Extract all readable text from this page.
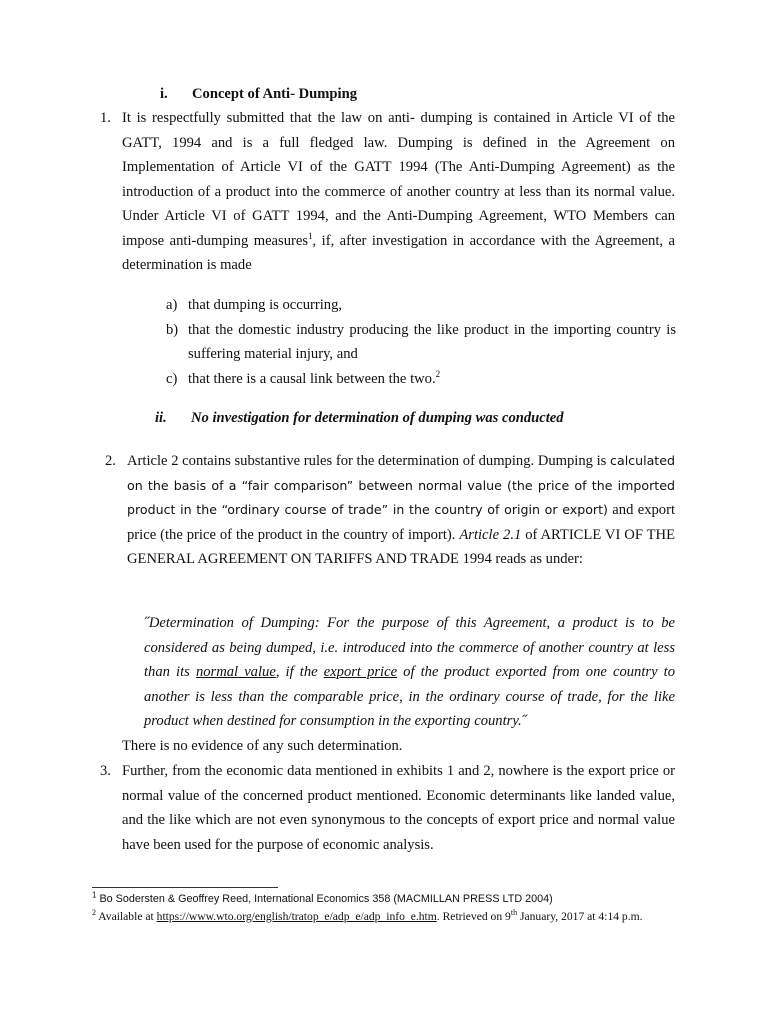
i. Concept of Anti- Dumping
1. It is respectfully submitted that the law on anti- dumping is contained in Article VI of the GATT, 1994 and is a full fledged law. Dumping is defined in the Agreement on Implementation of Article VI of the GATT 1994 (The Anti-Dumping Agreement) as the introduction of a product into the commerce of another country at less than its normal value. Under Article VI of GATT 1994, and the Anti-Dumping Agreement, WTO Members can impose anti-dumping measures$^1$, if, after investigation in accordance with the Agreement, a determination is made
a) that dumping is occurring,
b) that the domestic industry producing the like product in the importing country is suffering material injury, and
c) that there is a causal link between the two.$^2$
ii. No investigation for determination of dumping was conducted
2. Article 2 contains substantive rules for the determination of dumping. Dumping is calculated on the basis of a “fair comparison” between normal value (the price of the imported product in the “ordinary course of trade” in the country of origin or export) and export price (the price of the product in the country of import). Article 2.1 of ARTICLE VI OF THE GENERAL AGREEMENT ON TARIFFS AND TRADE 1994 reads as under:
˝Determination of Dumping: For the purpose of this Agreement, a product is to be considered as being dumped, i.e. introduced into the commerce of another country at less than its normal value, if the export price of the product exported from one country to another is less than the comparable price, in the ordinary course of trade, for the like product when destined for consumption in the exporting country.˝
There is no evidence of any such determination.
3. Further, from the economic data mentioned in exhibits 1 and 2, nowhere is the export price or normal value of the concerned product mentioned. Economic determinants like landed value, and the like which are not even synonymous to the concepts of export price and normal value have been used for the purpose of economic analysis.
$^1$ Bo Sodersten & Geoffrey Reed, International Economics 358 (MACMILLAN PRESS LTD 2004)
$^2$ Available at https://www.wto.org/english/tratop_e/adp_e/adp_info_e.htm. Retrieved on 9th January, 2017 at 4:14 p.m.
